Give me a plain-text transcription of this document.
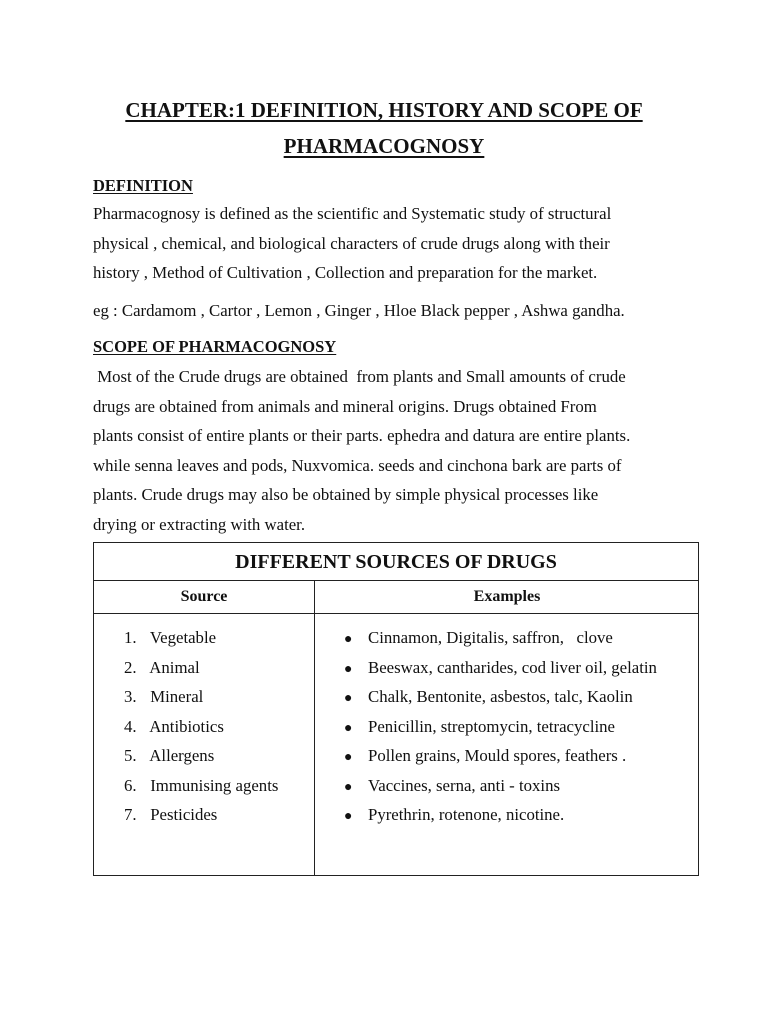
CHAPTER:1 DEFINITION, HISTORY AND SCOPE OF
PHARMACOGNOSY
DEFINITION

Pharmacognosy is defined as the scientific and Systematic study of structural

physical , chemical, and biological characters of crude drugs along with their

history , Method of Cultivation , Collection and preparation for the market.

eg : Cardamom , Cartor , Lemon , Ginger , Hloe Black pepper , Ashwa gandha.

SCOPE OF PHARMACOGNOSY

Most of the Crude drugs are obtained  from plants and Small amounts of crude

drugs are obtained from animals and mineral origins. Drugs obtained From

plants consist of entire plants or their parts. ephedra and datura are entire plants.

while senna leaves and pods, Nuxvomica. seeds and cinchona bark are parts of

plants. Crude drugs may also be obtained by simple physical processes like

drying or extracting with water.

DIFFERENT SOURCES OF DRUGS
Source	Examples
1. Vegetable
2. Animal
3. Mineral
4. Antibiotics
5. Allergens
6. Immunising agents
7. Pesticides
● Cinnamon, Digitalis, saffron,   clove
● Beeswax, cantharides, cod liver oil, gelatin
● Chalk, Bentonite, asbestos, talc, Kaolin
● Penicillin, streptomycin, tetracycline
● Pollen grains, Mould spores, feathers .
● Vaccines, serna, anti - toxins
● Pyrethrin, rotenone, nicotine.
